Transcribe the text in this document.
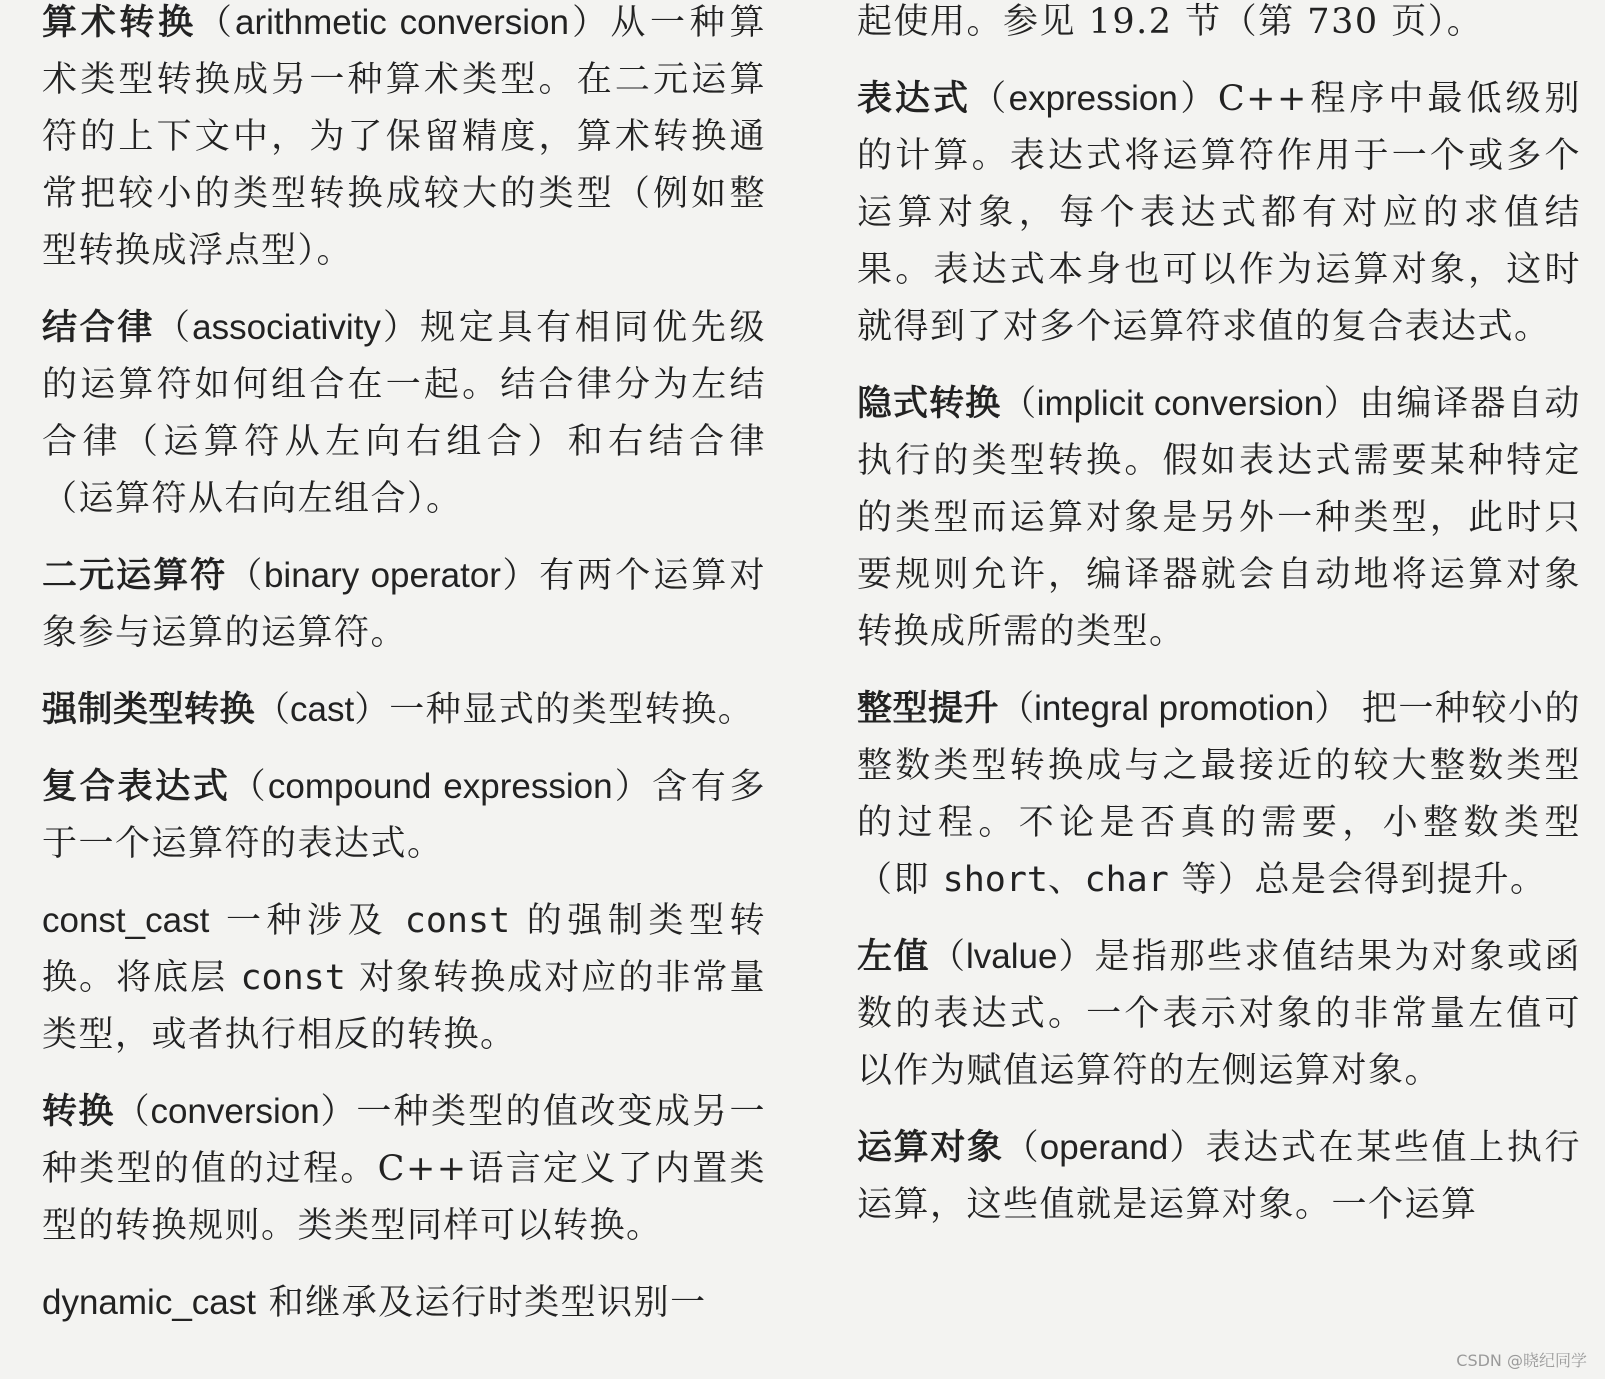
算术转换（arithmetic conversion）从一种算术类型转换成另一种算术类型。在二元运算符的上下文中，为了保留精度，算术转换通常把较小的类型转换成较大的类型（例如整型转换成浮点型）。

结合律（associativity）规定具有相同优先级的运算符如何组合在一起。结合律分为左结合律（运算符从左向右组合）和右结合律（运算符从右向左组合）。

二元运算符（binary operator）有两个运算对象参与运算的运算符。

强制类型转换（cast）一种显式的类型转换。

复合表达式（compound expression）含有多于一个运算符的表达式。

const_cast 一种涉及 const 的强制类型转换。将底层 const 对象转换成对应的非常量类型，或者执行相反的转换。

转换（conversion）一种类型的值改变成另一种类型的值的过程。C++语言定义了内置类型的转换规则。类类型同样可以转换。

dynamic_cast 和继承及运行时类型识别一

起使用。参见 19.2 节（第 730 页）。

表达式（expression）C++程序中最低级别的计算。表达式将运算符作用于一个或多个运算对象，每个表达式都有对应的求值结果。表达式本身也可以作为运算对象，这时就得到了对多个运算符求值的复合表达式。

隐式转换（implicit conversion）由编译器自动执行的类型转换。假如表达式需要某种特定的类型而运算对象是另外一种类型，此时只要规则允许，编译器就会自动地将运算对象转换成所需的类型。

整型提升（integral promotion） 把一种较小的整数类型转换成与之最接近的较大整数类型的过程。不论是否真的需要，小整数类型（即 short、char 等）总是会得到提升。

左值（lvalue）是指那些求值结果为对象或函数的表达式。一个表示对象的非常量左值可以作为赋值运算符的左侧运算对象。

运算对象（operand）表达式在某些值上执行运算，这些值就是运算对象。一个运算

CSDN @晓纪同学
